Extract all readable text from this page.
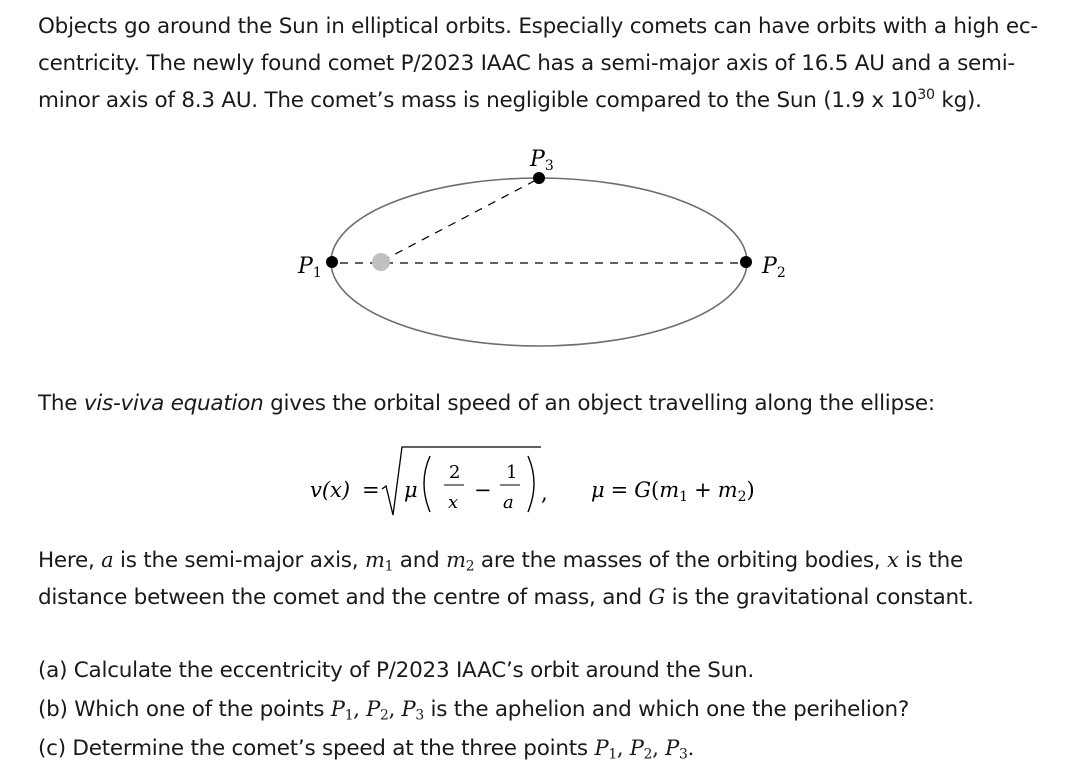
Objects go around the Sun in elliptical orbits. Especially comets can have orbits with a high ec-centricity. The newly found comet P/2023 IAAC has a semi-major axis of 16.5 AU and a semi-minor axis of 8.3 AU. The comet’s mass is negligible compared to the Sun (1.9 x $10^{30}$ kg).

P1	P2
P3

The vis-viva equation gives the orbital speed of an object travelling along the ellipse:

v(x) = μ
2
x
−
1
a , μ = G(m1 + m2)

Here, a is the semi-major axis, $m_1$ and $m_2$ are the masses of the orbiting bodies, x is the distance between the comet and the centre of mass, and G is the gravitational constant.

(a) Calculate the eccentricity of P/2023 IAAC’s orbit around the Sun.
(b) Which one of the points $P_1$, $P_2$, $P_3$ is the aphelion and which one the perihelion?
(c) Determine the comet’s speed at the three points $P_1$, $P_2$, $P_3$.
